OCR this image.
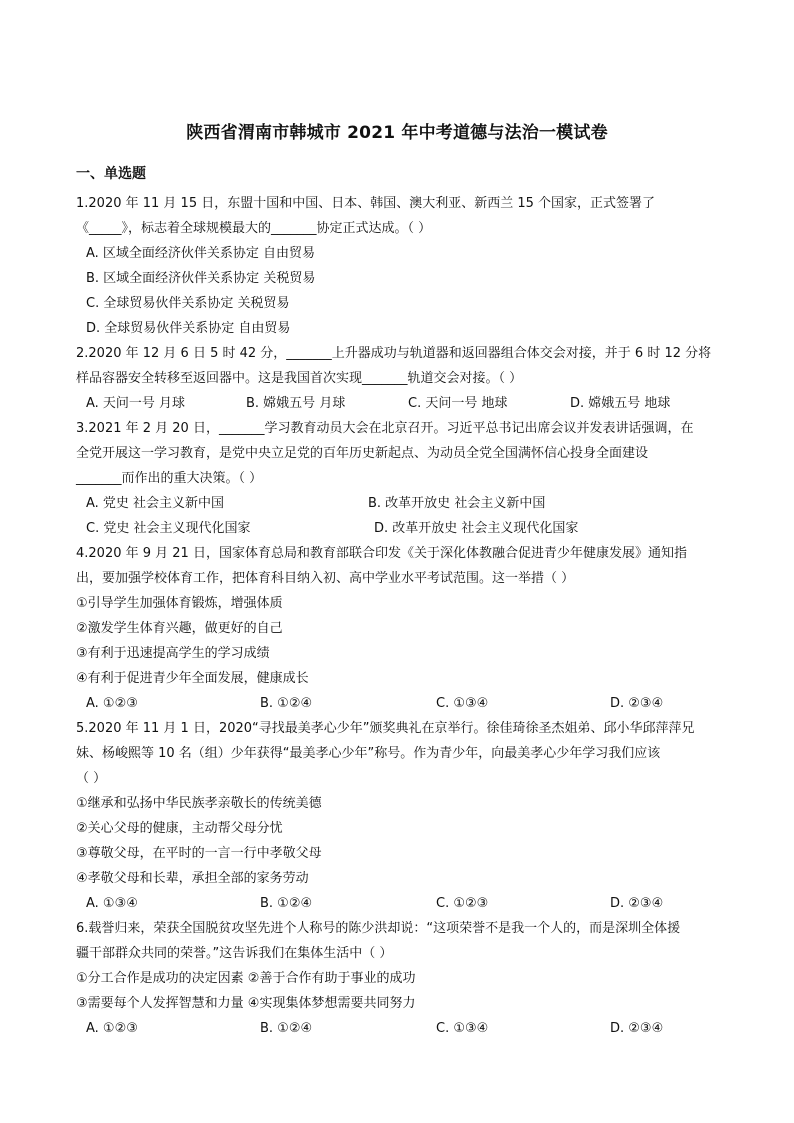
陕西省渭南市韩城市 2021 年中考道德与法治一模试卷
一、单选题
1.2020 年 11 月 15 日，东盟十国和中国、日本、韩国、澳大利亚、新西兰 15 个国家，正式签署了
《_____》，标志着全球规模最大的_______协定正式达成。（ ）
A. 区域全面经济伙伴关系协定 自由贸易
B. 区域全面经济伙伴关系协定 关税贸易
C. 全球贸易伙伴关系协定 关税贸易
D. 全球贸易伙伴关系协定 自由贸易
2.2020 年 12 月 6 日 5 时 42 分，_______上升器成功与轨道器和返回器组合体交会对接，并于 6 时 12 分将
样品容器安全转移至返回器中。这是我国首次实现_______轨道交会对接。（ ）
A. 天问一号 月球	B. 嫦娥五号 月球	C. 天问一号 地球	D. 嫦娥五号 地球
3.2021 年 2 月 20 日，_______学习教育动员大会在北京召开。习近平总书记出席会议并发表讲话强调，在
全党开展这一学习教育，是党中央立足党的百年历史新起点、为动员全党全国满怀信心投身全面建设
_______而作出的重大决策。（ ）
A. 党史 社会主义新中国	B. 改革开放史 社会主义新中国
C. 党史 社会主义现代化国家	D. 改革开放史 社会主义现代化国家
4.2020 年 9 月 21 日，国家体育总局和教育部联合印发《关于深化体教融合促进青少年健康发展》通知指
出，要加强学校体育工作，把体育科目纳入初、高中学业水平考试范围。这一举措（ ）
①引导学生加强体育锻炼，增强体质
②激发学生体育兴趣，做更好的自己
③有利于迅速提高学生的学习成绩
④有利于促进青少年全面发展，健康成长
A. ①②③	B. ①②④	C. ①③④	D. ②③④
5.2020 年 11 月 1 日，2020“寻找最美孝心少年”颁奖典礼在京举行。徐佳琦徐圣杰姐弟、邱小华邱萍萍兄
妹、杨峻熙等 10 名（组）少年获得“最美孝心少年”称号。作为青少年，向最美孝心少年学习我们应该
（ ）
①继承和弘扬中华民族孝亲敬长的传统美德
②关心父母的健康，主动帮父母分忧
③尊敬父母，在平时的一言一行中孝敬父母
④孝敬父母和长辈，承担全部的家务劳动
A. ①③④	B. ①②④	C. ①②③	D. ②③④
6.载誉归来，荣获全国脱贫攻坚先进个人称号的陈少洪却说：“这项荣誉不是我一个人的，而是深圳全体援
疆干部群众共同的荣誉。”这告诉我们在集体生活中（ ）
①分工合作是成功的决定因素 ②善于合作有助于事业的成功
③需要每个人发挥智慧和力量 ④实现集体梦想需要共同努力
A. ①②③	B. ①②④	C. ①③④	D. ②③④
